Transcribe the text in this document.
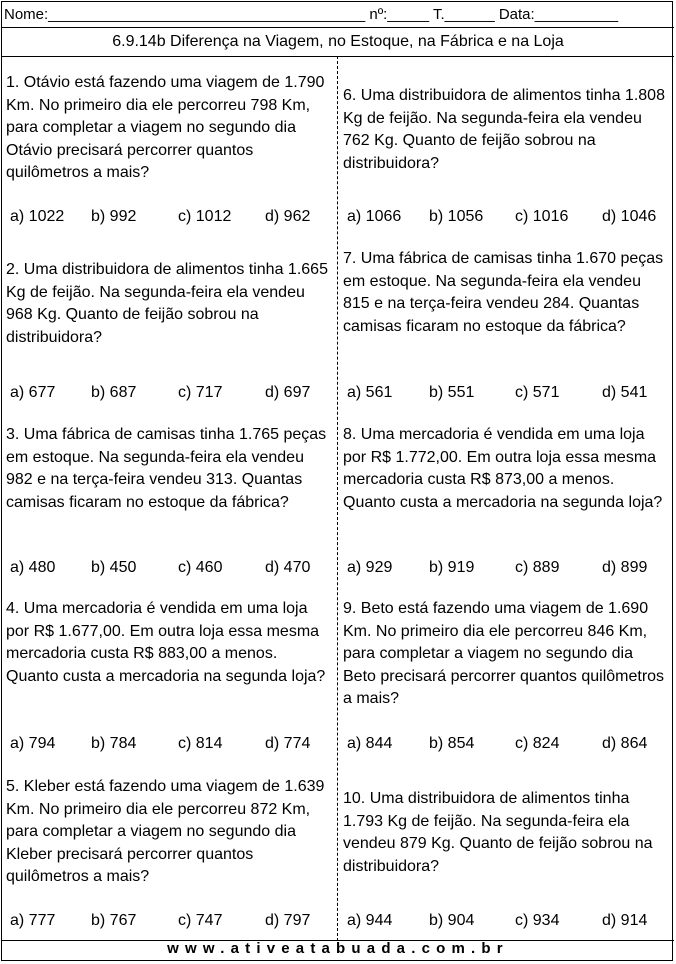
Nome:______________________________________ nº:_____ T.______ Data:__________
6.9.14b Diferença na Viagem, no Estoque, na Fábrica e na Loja
1. Otávio está fazendo uma viagem de 1.790 Km. No primeiro dia ele percorreu 798 Km, para completar a viagem no segundo dia Otávio precisará percorrer quantos quilômetros a mais?
a) 1022 b) 992	c) 1012 d) 962
2. Uma distribuidora de alimentos tinha 1.665 Kg de feijão. Na segunda-feira ela vendeu 968 Kg. Quanto de feijão sobrou na distribuidora?
a) 677 b) 687	c) 717	d) 697
3. Uma fábrica de camisas tinha 1.765 peças em estoque. Na segunda-feira ela vendeu 982 e na terça-feira vendeu 313. Quantas camisas ficaram no estoque da fábrica?
a) 480 b) 450	c) 460	d) 470
4. Uma mercadoria é vendida em uma loja por R$ 1.677,00. Em outra loja essa mesma mercadoria custa R$ 883,00 a menos. Quanto custa a mercadoria na segunda loja?
a) 794 b) 784	c) 814	d) 774
5. Kleber está fazendo uma viagem de 1.639 Km. No primeiro dia ele percorreu 872 Km, para completar a viagem no segundo dia Kleber precisará percorrer quantos quilômetros a mais?
a) 777 b) 767	c) 747	d) 797
6. Uma distribuidora de alimentos tinha 1.808 Kg de feijão. Na segunda-feira ela vendeu 762 Kg. Quanto de feijão sobrou na distribuidora?
a) 1066 b) 1056 c) 1016 d) 1046
7. Uma fábrica de camisas tinha 1.670 peças em estoque. Na segunda-feira ela vendeu 815 e na terça-feira vendeu 284. Quantas camisas ficaram no estoque da fábrica?
a) 561 b) 551	c) 571	d) 541
8. Uma mercadoria é vendida em uma loja por R$ 1.772,00. Em outra loja essa mesma mercadoria custa R$ 873,00 a menos. Quanto custa a mercadoria na segunda loja?
a) 929 b) 919	c) 889	d) 899
9. Beto está fazendo uma viagem de 1.690 Km. No primeiro dia ele percorreu 846 Km, para completar a viagem no segundo dia Beto precisará percorrer quantos quilômetros a mais?
a) 844 b) 854	c) 824	d) 864
10. Uma distribuidora de alimentos tinha 1.793 Kg de feijão. Na segunda-feira ela vendeu 879 Kg. Quanto de feijão sobrou na distribuidora?
a) 944 b) 904	c) 934	d) 914
www.ativeatabuada.com.br
